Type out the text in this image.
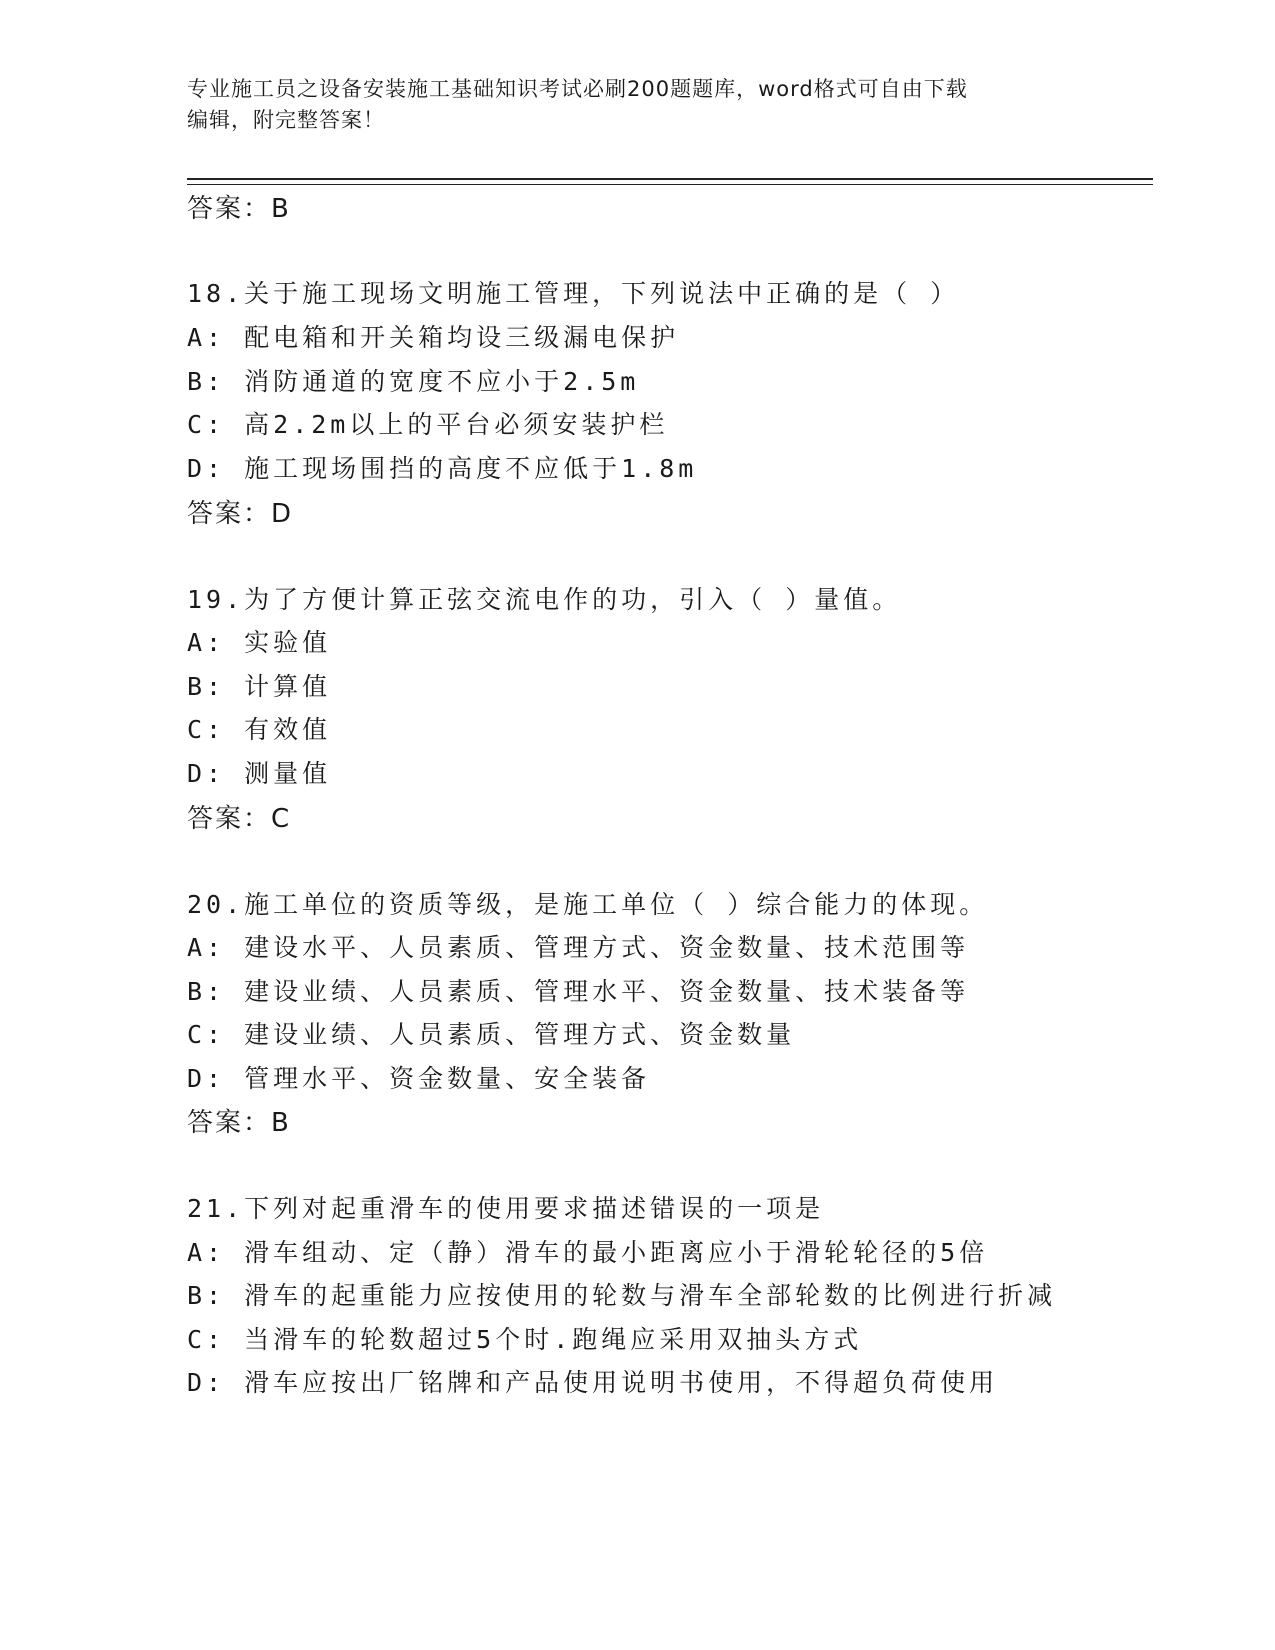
专业施工员之设备安装施工基础知识考试必刷200题题库，word格式可自由下载
编辑，附完整答案！
答案：B
18.关于施工现场文明施工管理，下列说法中正确的是（ ）
A: 配电箱和开关箱均设三级漏电保护
B: 消防通道的宽度不应小于2.5m
C: 高2.2m以上的平台必须安装护栏
D: 施工现场围挡的高度不应低于1.8m
答案：D
19.为了方便计算正弦交流电作的功，引入（ ）量值。
A: 实验值
B: 计算值
C: 有效值
D: 测量值
答案：C
20.施工单位的资质等级，是施工单位（ ）综合能力的体现。
A: 建设水平、人员素质、管理方式、资金数量、技术范围等
B: 建设业绩、人员素质、管理水平、资金数量、技术装备等
C: 建设业绩、人员素质、管理方式、资金数量
D: 管理水平、资金数量、安全装备
答案：B
21.下列对起重滑车的使用要求描述错误的一项是
A: 滑车组动、定（静）滑车的最小距离应小于滑轮轮径的5倍
B: 滑车的起重能力应按使用的轮数与滑车全部轮数的比例进行折减
C: 当滑车的轮数超过5个时.跑绳应采用双抽头方式
D: 滑车应按出厂铭牌和产品使用说明书使用，不得超负荷使用
